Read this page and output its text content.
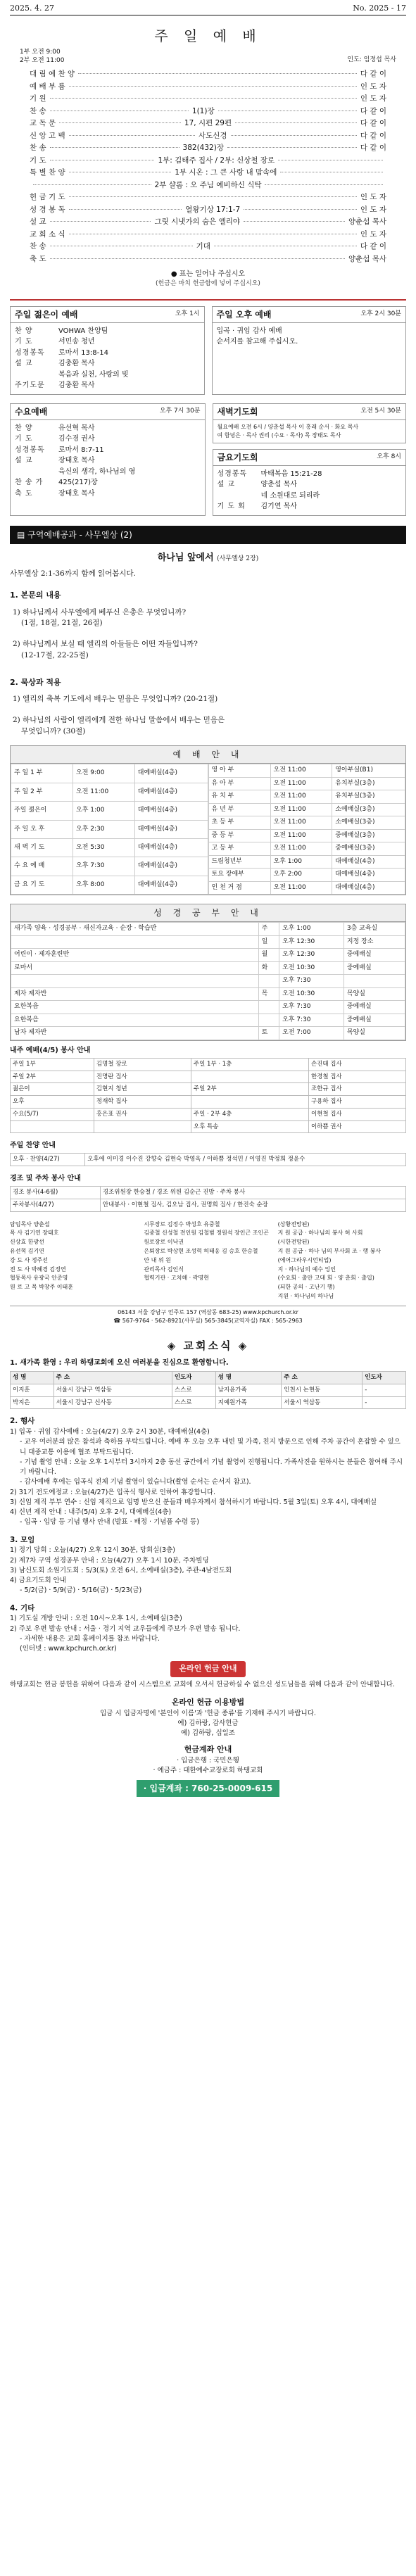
2025. 4. 27	No. 2025 - 17
주 일 예 배
1부 오전 9:00
2부 오전 11:00	인도: 임정섭 목사
대 림 예 찬 양	다 같 이
예 배 부 름	인 도 자
기 원	인 도 자
찬 송	1(1)장	다 같 이
교 독 문	17, 시편 29편	다 같 이
신 앙 고 백	사도신경	다 같 이
찬 송	382(432)장	다 같 이
기 도	1부: 김태주 집사 / 2부: 신상철 장로
특 별 찬 양	1부 시온 : 그 큰 사랑 내 맘속에
2부 샬롬 : 오 주님 예비하신 식탁
헌 금 기 도	인 도 자
성 경 봉 독	열왕기상 17:1-7	인 도 자
설 교	그릿 시냇가의 숨은 엘리야	양춘섭 목사
교 회 소 식	인 도 자
찬 송	기대	다 같 이
축 도	양춘섭 목사
● 표는 일어나 주십시오
(헌금은 마치 헌금함에 넣어 주십시오)
주일 젊은이 예배	오후 1시
찬 양	VOHWA 찬양팀
기 도	서민송 청년
성경봉독	로마서 13:8-14
설 교	김충환 목사
복음과 실천, 사랑의 빚
주기도문	김충환 목사
주일 오후 예배	오후 2시 30분
입곡 · 귀임 감사 예배
순서지를 참고해 주십시오.
수요예배	오후 7시 30분
찬 양	유선혁 목사
기 도	김수경 권사
성경봉독	로마서 8:7-11
설 교	장태호 목사
육신의 생각, 하나님의 영
찬 송 가	425(217)장
축 도	장태호 목사
새벽기도회	오전 5시 30분
월요예배 오전 6시 / 양춘섭 목사 이 홍래 순서 · 화요 목사
여 함녕은 · 목사 권리 (수요 · 목사) 목 장태도 목사
금요기도회	오후 8시
성경봉독	마태복음 15:21-28
설 교	양춘섭 목사
네 소원대로 되리라
기 도 회	김기연 목사
▤ 구역예배공과 - 사무엘상 (2)
하나님 앞에서 (사무엘상 2장)
사무엘상 2:1-36까지 함께 읽어봅시다.
1. 본문의 내용
1) 하나님께서 사무엘에게 베푸신 은총은 무엇입니까?
(1절, 18절, 21절, 26절)
2) 하나님께서 보실 때 엘리의 아들들은 어떤 자들입니까?
(12-17절, 22-25절)
2. 묵상과 적용
1) 엘리의 축복 기도에서 배우는 믿음은 무엇입니까? (20-21절)
2) 하나님의 사람이 엘리에게 전한 하나님 말씀에서 배우는 믿음은
무엇입니까? (30절)
예 배 안 내
주 일 1 부	오전 9:00	대예배실(4층)
주 일 2 부	오전 11:00	대예배실(4층)
주일 젊은이	오후 1:00	대예배실(4층)
주 일 오 후	오후 2:30	대예배실(4층)
새 벽 기 도	오전 5:30	대예배실(4층)
수 요 예 배	오후 7:30	대예배실(4층)
금 요 기 도	오후 8:00	대예배실(4층)
영 아 부	오전 11:00	영아부실(B1)
유 아 부	오전 11:00	유치부실(3층)
유 치 부	오전 11:00	유치부실(3층)
유 년 부	오전 11:00	소예배실(3층)
초 등 부	오전 11:00	소예배실(3층)
중 등 부	오전 11:00	중예배실(3층)
고 등 부	오전 11:00	중예배실(3층)
드림청년부	오후 1:00	대예배실(4층)
토요 장애부	오후 2:00	대예배실(4층)
인 천 거 점	오전 11:00	대예배실(4층)
성 경 공 부 안 내
새가족 양육 · 성경공부 · 새신자교육 · 순장 · 학습반	주	오후 1:00	3층 교육실
	일	오후 12:30	지정 장소
어린이 · 제자훈련반	월	오후 12:30	중예배실
로마서	화	오전 10:30	중예배실
		오후 7:30	
제자 제자반	목	오전 10:30	목양실
요한복음		오후 7:30	중예배실
요한복음		오후 7:30	중예배실
남자 제자반	토	오전 7:00	목양실
내주 예배(4/5) 봉사 안내
주일 1부	김명철 장로	주일 1부 · 1층	손진태 집사
주일 2부	진명란 집사		한경철 집사
젊은이	김현지 청년	주일 2부	조한규 집사
오후	정재학 집사		구용하 집사
수요(5/7)	홍은표 권사	주일 · 2부 4층	이현철 집사
		오후 특송	이하쁨 권사
주일 찬양 안내
오후 · 찬양(4/27)	오후에 이미경 이수진 강향숙 김현숙 박영옥 / 이하쁨 정석민 / 이영진 박정희 정윤수
경조 및 주차 봉사 안내
경조 봉사(4-6월)	경조위원장 한승철 / 경조 위원 김순근 진방 · 주차 봉사
주차봉사(4/27)	안내봉사 · 이현철 집사, 김오남 집사, 권명희 집사 / 한진숙 순장
담임목사 양춘섭
목 사 김기연 장태호
신상효 한광선
유선혁 김기연
강 도 사 정주선
전 도 사 박혜경 김정연
협동목사 유광국 안준영
원 로 고 목 박창주 이태훈
시무장로 김정수 박성호 유중철
김중철 신성철 전인원 김철범 정원석 장인근 조인곤
원로장로 이낙권
은퇴장로 박상현 조성혁 허태웅 김 승호 한승철
안 내 위 원
관리목사 김인식
협력기관 · 고치해 · 곽명현
(상황전망된)
지 원 공급 · 하나님의 봉사 허 사회
(시한전망된)
지 원 공급 · 하나 님의 부사회 조 · 행 봉사
(에어그라우시언티업)
지 · 하나님의 예수 잉인
(수요회 · 출안 고대 회 · 양 춘회 · 출입)
(되한 공의 · 고난기 행)
지원 · 하나님의 하나님
06143 서울 강남구 언주로 157 (역삼동 683-25) www.kpchurch.or.kr
☎ 567-9764 · 562-8921(사무실) 565-3845(교역자실) FAX : 565-2963
◈ 교회소식 ◈
1. 새가족 환영 : 우리 하탱교회에 오신 여러분을 진심으로 환영합니다.
성 명	주 소	인도자	성 명	주 소	인도자
이지훈	서울시 강남구 역삼동	스스로	남지윤가족	인천시 논현동	-
박지은	서울시 강남구 신사동	스스로	지예원가족	서울시 역삼동	-
2. 행사
1) 입곡 · 귀임 감사예배 : 오늘(4/27) 오후 2시 30분, 대예배실(4층)
- 교우 여러분의 많은 참석과 축하를 부탁드립니다. 예배 후 오늘 오후 내빈 및 가족, 친지 방문으로 인해 주차 공간이 혼잡할 수 있으니 대중교통 이용에 협조 부탁드립니다.
- 기념 촬영 안내 : 오늘 오후 1시부터 3시까지 2층 동선 공간에서 기념 촬영이 진행됩니다. 가족사진을 원하시는 분들은 참여해 주시기 바랍니다.
- 감사예배 후에는 입곡식 전체 기념 촬영이 있습니다(촬영 순서는 순서지 참고).
2) 31기 전도예정교 : 오늘(4/27)은 입곡식 행사로 인하여 휴강합니다.
3) 신임 제직 부부 연수 : 신임 제직으로 임명 받으신 분들과 배우자께서 참석하시기 바랍니다. 5월 3일(토) 오후 4시, 대예배실
4) 신년 제직 안내 : 내주(5/4) 오후 2시, 대예배실(4층)
- 입곡 · 입당 등 기념 행사 안내 (발표 · 배정 · 기념품 수령 등)
3. 모임
1) 정기 당회 : 오늘(4/27) 오후 12시 30분, 당회실(3층)
2) 제7차 구역 성경공부 안내 : 오늘(4/27) 오후 1시 10분, 주차빌딩
3) 남신도회 소원기도회 : 5/3(토) 오전 6시, 소예배실(3층), 주관-4남전도회
4) 금요기도회 안내
- 5/2(금) · 5/9(금) · 5/16(금) · 5/23(금)
4. 기타
1) 기도실 개방 안내 : 오전 10시~오후 1시, 소예배실(3층)
2) 주보 우편 발송 안내 : 서울 · 경기 지역 교우들에게 주보가 우편 발송 됩니다.
- 자세한 내용은 교회 홈페이지를 참조 바랍니다.
(인터넷 : www.kpchurch.or.kr)
온라인 헌금 안내
하탱교회는 현금 봉헌을 위하여 다음과 같이 시스템으로 교회에 오셔서 헌금하실 수 없으신 성도님들을 위해 다음과 같이 안내합니다.
온라인 헌금 이용방법
입금 시 입금자명에 '본인이 이름'과 '헌금 종류'를 기재해 주시기 바랍니다.
예) 김하랑, 감사헌금
예) 김하랑, 십일조
헌금계좌 안내
· 입금은행 : 국민은행
· 예금주 : 대한예수교장로회 하탱교회
· 입금계좌 : 760-25-0009-615
